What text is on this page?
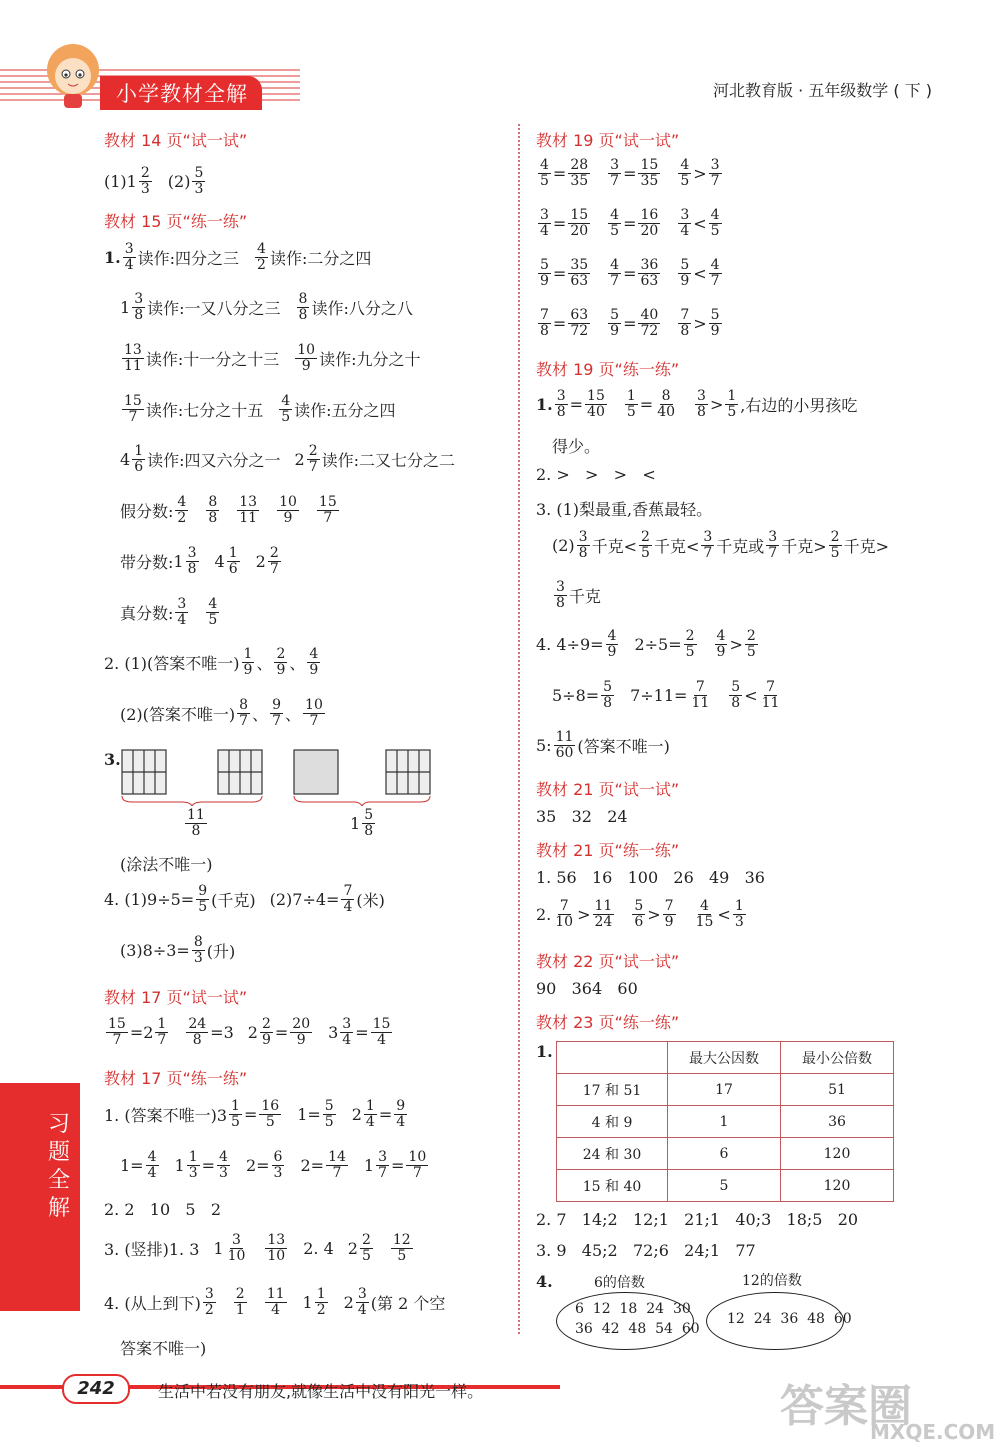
小学教材全解	河北教育版 · 五年级数学 ( 下 )
教材 14 页“试一试”
(1)1 2
3 (2) 5
3
教材 15 页“练一练”
1. 3
4 读作:四分之三 4
2 读作:二分之四
1 3
8 读作:一又八分之三 8
8 读作:八分之八
13
11 读作:十一分之十三 10
9 读作:九分之十
15
7 读作:七分之十五 4
5 读作:五分之四
4 1
6 读作:四又六分之一 2 2
7 读作:二又七分之二
假分数: 4
2
8
8
13
11
10
9
15
7
带分数: 1 3
8 4 1
6 2 2
7
真分数: 3
4
4
5
2. (1)(答案不唯一) 1
9 、 2
9 、 4
9
(2)(答案不唯一) 8
7 、 9
7 、 10
7
3.
11
8	1 5
8
(涂法不唯一)
4. $(1)9\div 5= \frac{9}{5}$ (千克) $(2)7\div 4= \frac{7}{4}$ (米)
$(3)8\div 3= \frac{8}{3}$ (升)
教材 17 页“试一试”
$\frac{15}{7} =2$ 1
$7 \frac{24}{8} =3$ $2 \frac{2}{9} = \frac{20}{9} 3 \frac{3}{4} = \frac{15}{4}$
教材 17 页“练一练”
1. (答案不唯一)$3 \frac{1}{5} = \frac{16}{5} 1= \frac{5}{5} 2 \frac{1}{4} = \frac{9}{4}$
$1= \frac{4}{4} 1 \frac{1}{3} = \frac{4}{3} 2= \frac{6}{3} 2= \frac{14}{7} 1 \frac{3}{7} = \frac{10}{7}$
2. 2   10   5   2
3. (竖排)1. 3 1 3
10
13
10 2. 4 2 2
5
12
5
4. (从上到下) 3
2
2
1
11
4 1 1
2 2 3
4 (第 2 个空
答案不唯一)
教材 19 页“试一试”
$\frac{4}{5} = \frac{28}{35} \frac{3}{7} = \frac{15}{35} 4$
5 > 3
7
$\frac{3}{4} = \frac{15}{20} \frac{4}{5} = \frac{16}{20} 3$
4 < 4
5
$\frac{5}{9} = \frac{35}{63} \frac{4}{7} = \frac{36}{63} 5$
9 < 4
7
$\frac{7}{8} = \frac{63}{72} \frac{5}{9} = \frac{40}{72} 7$
8 > 5
9
教材 19 页“练一练”
1. $\frac{3}{8} = \frac{15}{40} \frac{1}{5} = \frac{8}{40} 3$
8 > 1
5 ,右边的小男孩吃
得少。
2. >   >   >   <
3. (1)梨最重,香蕉最轻。
(2) 3
8 千克< 2
5 千克< 3
7 千克或 3
7 千克> 2
5 千克>
3
8 千克
4. $4\div 9= \frac{4}{9} 2\div 5= \frac{2}{5} 4$
9 > 2
5
$5\div 8= \frac{5}{8} 7\div 11= \frac{7}{11} 5$
8 < 7
11
5: 11
60 (答案不唯一)
教材 21 页“试一试”
35   32   24
教材 21 页“练一练”
1. 56   16   100   26   49   36
2. 7
10 > 11
24
5
6 > 7
9
4
15 < 1
3
教材 22 页“试一试”
90   364   60
教材 23 页“练一练”
1.
		最大公因数	最小公倍数
17 和 51	17	51
4 和 9	1	36
24 和 30	6	120
15 和 40	5	120
2. 7   14;2   12;1   21;1   40;3   18;5   20
3. 9   45;2   72;6   24;1   77
4.	6的倍数
6  12  18  24  30
36  42  48  54  60
12的倍数
12  24  36  48  60
习题全解
242	生活中若没有朋友,就像生活中没有阳光一样。	答案圈
MXQE.COM
